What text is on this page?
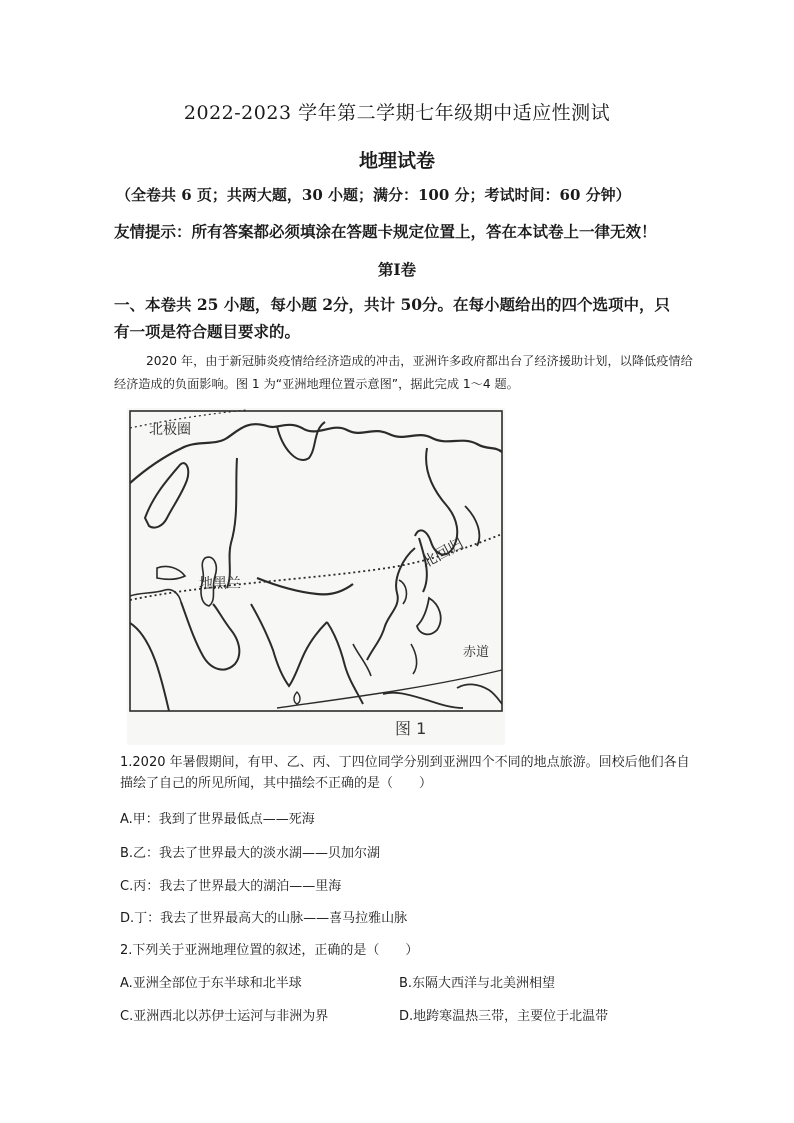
2022-2023 学年第二学期七年级期中适应性测试
地理试卷
（全卷共 6 页；共两大题，30 小题；满分：100 分；考试时间：60 分钟）
友情提示：所有答案都必须填涂在答题卡规定位置上，答在本试卷上一律无效！
第Ⅰ卷
一、本卷共 25 小题，每小题 2分，共计 50分。在每小题给出的四个选项中，只有一项是符合题目要求的。
2020 年，由于新冠肺炎疫情给经济造成的冲击，亚洲许多政府都出台了经济援助计划，以降低疫情给经济造成的负面影响。图 1 为“亚洲地理位置示意图”，据此完成 1～4 题。
北极圈
北回归
赤道
地黑兰
图 1
1.2020 年暑假期间，有甲、乙、丙、丁四位同学分别到亚洲四个不同的地点旅游。回校后他们各自描绘了自己的所见所闻，其中描绘不正确的是（　　）
A.甲：我到了世界最低点——死海
B.乙：我去了世界最大的淡水湖——贝加尔湖
C.丙：我去了世界最大的湖泊——里海
D.丁：我去了世界最高大的山脉——喜马拉雅山脉
2.下列关于亚洲地理位置的叙述，正确的是（　　）
A.亚洲全部位于东半球和北半球	B.东隔大西洋与北美洲相望
C.亚洲西北以苏伊士运河与非洲为界	D.地跨寒温热三带，主要位于北温带
